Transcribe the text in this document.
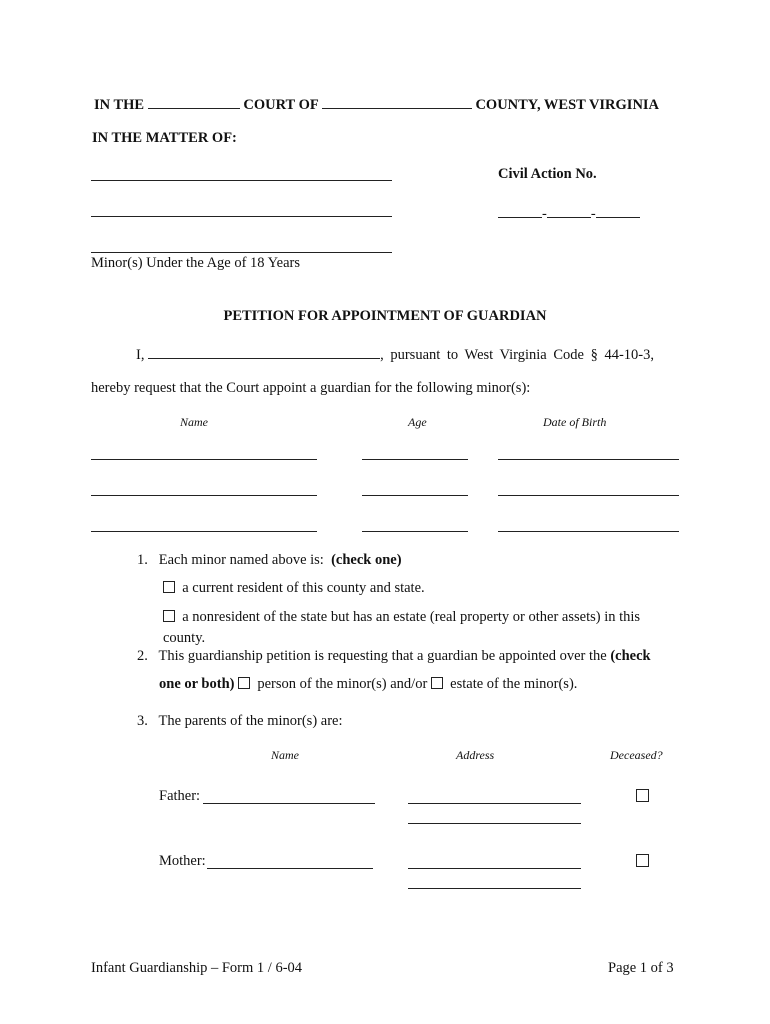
IN THE	COURT OF	COUNTY, WEST VIRGINIA
IN THE MATTER OF:
Minor(s) Under the Age of 18 Years
Civil Action No.
-	-
PETITION FOR APPOINTMENT OF GUARDIAN
I,	, pursuant to West Virginia Code § 44-10-3,
hereby request that the Court appoint a guardian for the following minor(s):
Name	Age	Date of Birth
1. Each minor named above is: (check one)
a current resident of this county and state.
a nonresident of the state but has an estate (real property or other assets) in this
county.
2. This guardianship petition is requesting that a guardian be appointed over the (check
one or both) person of the minor(s) and/or estate of the minor(s).
3. The parents of the minor(s) are:
Name	Address	Deceased?
Father:
Mother:
Infant Guardianship – Form 1 / 6-04	Page 1 of 3
